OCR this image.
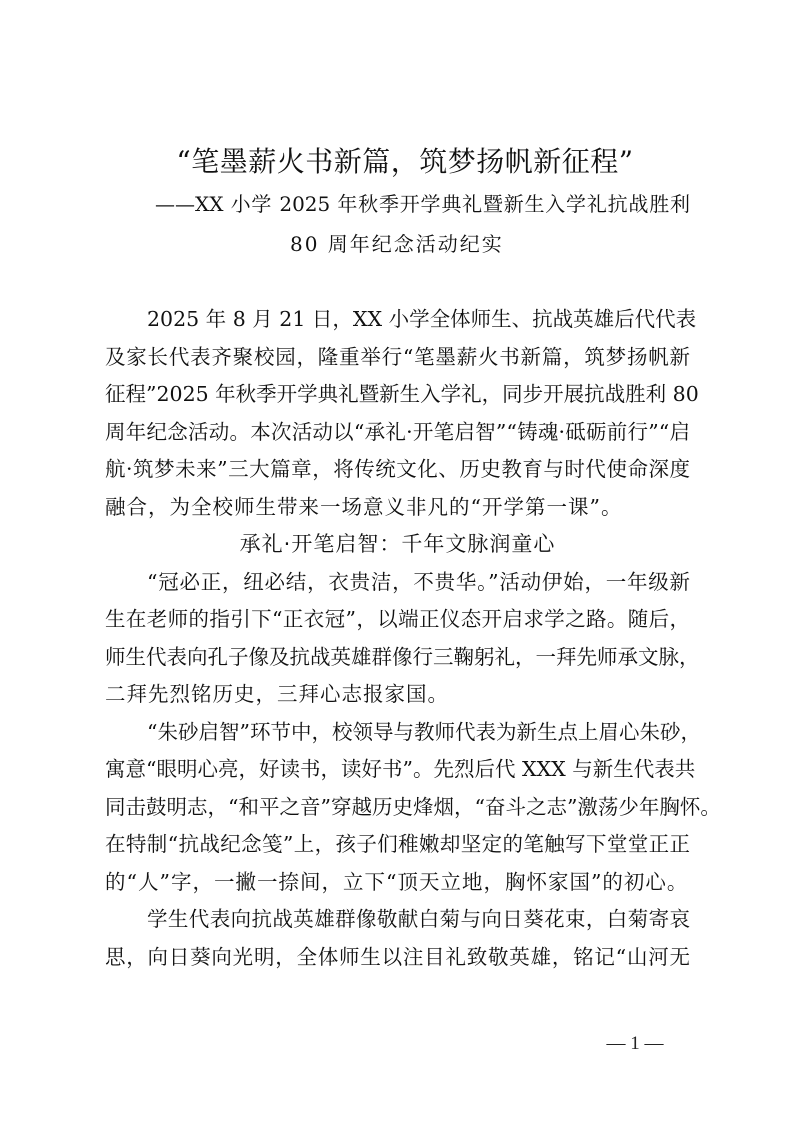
“笔墨薪火书新篇，筑梦扬帆新征程”
——XX 小学 2025 年秋季开学典礼暨新生入学礼抗战胜利
80 周年纪念活动纪实
2025 年 8 月 21 日，XX 小学全体师生、抗战英雄后代代表
及家长代表齐聚校园，隆重举行“笔墨薪火书新篇，筑梦扬帆新
征程”2025 年秋季开学典礼暨新生入学礼，同步开展抗战胜利 80
周年纪念活动。本次活动以“承礼·开笔启智”“铸魂·砥砺前行”“启
航·筑梦未来”三大篇章，将传统文化、历史教育与时代使命深度
融合，为全校师生带来一场意义非凡的“开学第一课”。
承礼·开笔启智：千年文脉润童心
“冠必正，纽必结，衣贵洁，不贵华。”活动伊始，一年级新
生在老师的指引下“正衣冠”，以端正仪态开启求学之路。随后，
师生代表向孔子像及抗战英雄群像行三鞠躬礼，一拜先师承文脉，
二拜先烈铭历史，三拜心志报家国。
“朱砂启智”环节中，校领导与教师代表为新生点上眉心朱砂，
寓意“眼明心亮，好读书，读好书”。先烈后代 XXX 与新生代表共
同击鼓明志，“和平之音”穿越历史烽烟，“奋斗之志”激荡少年胸怀。
在特制“抗战纪念笺”上，孩子们稚嫩却坚定的笔触写下堂堂正正
的“人”字，一撇一捺间，立下“顶天立地，胸怀家国”的初心。
学生代表向抗战英雄群像敬献白菊与向日葵花束，白菊寄哀
思，向日葵向光明，全体师生以注目礼致敬英雄，铭记“山河无
— 1 —
